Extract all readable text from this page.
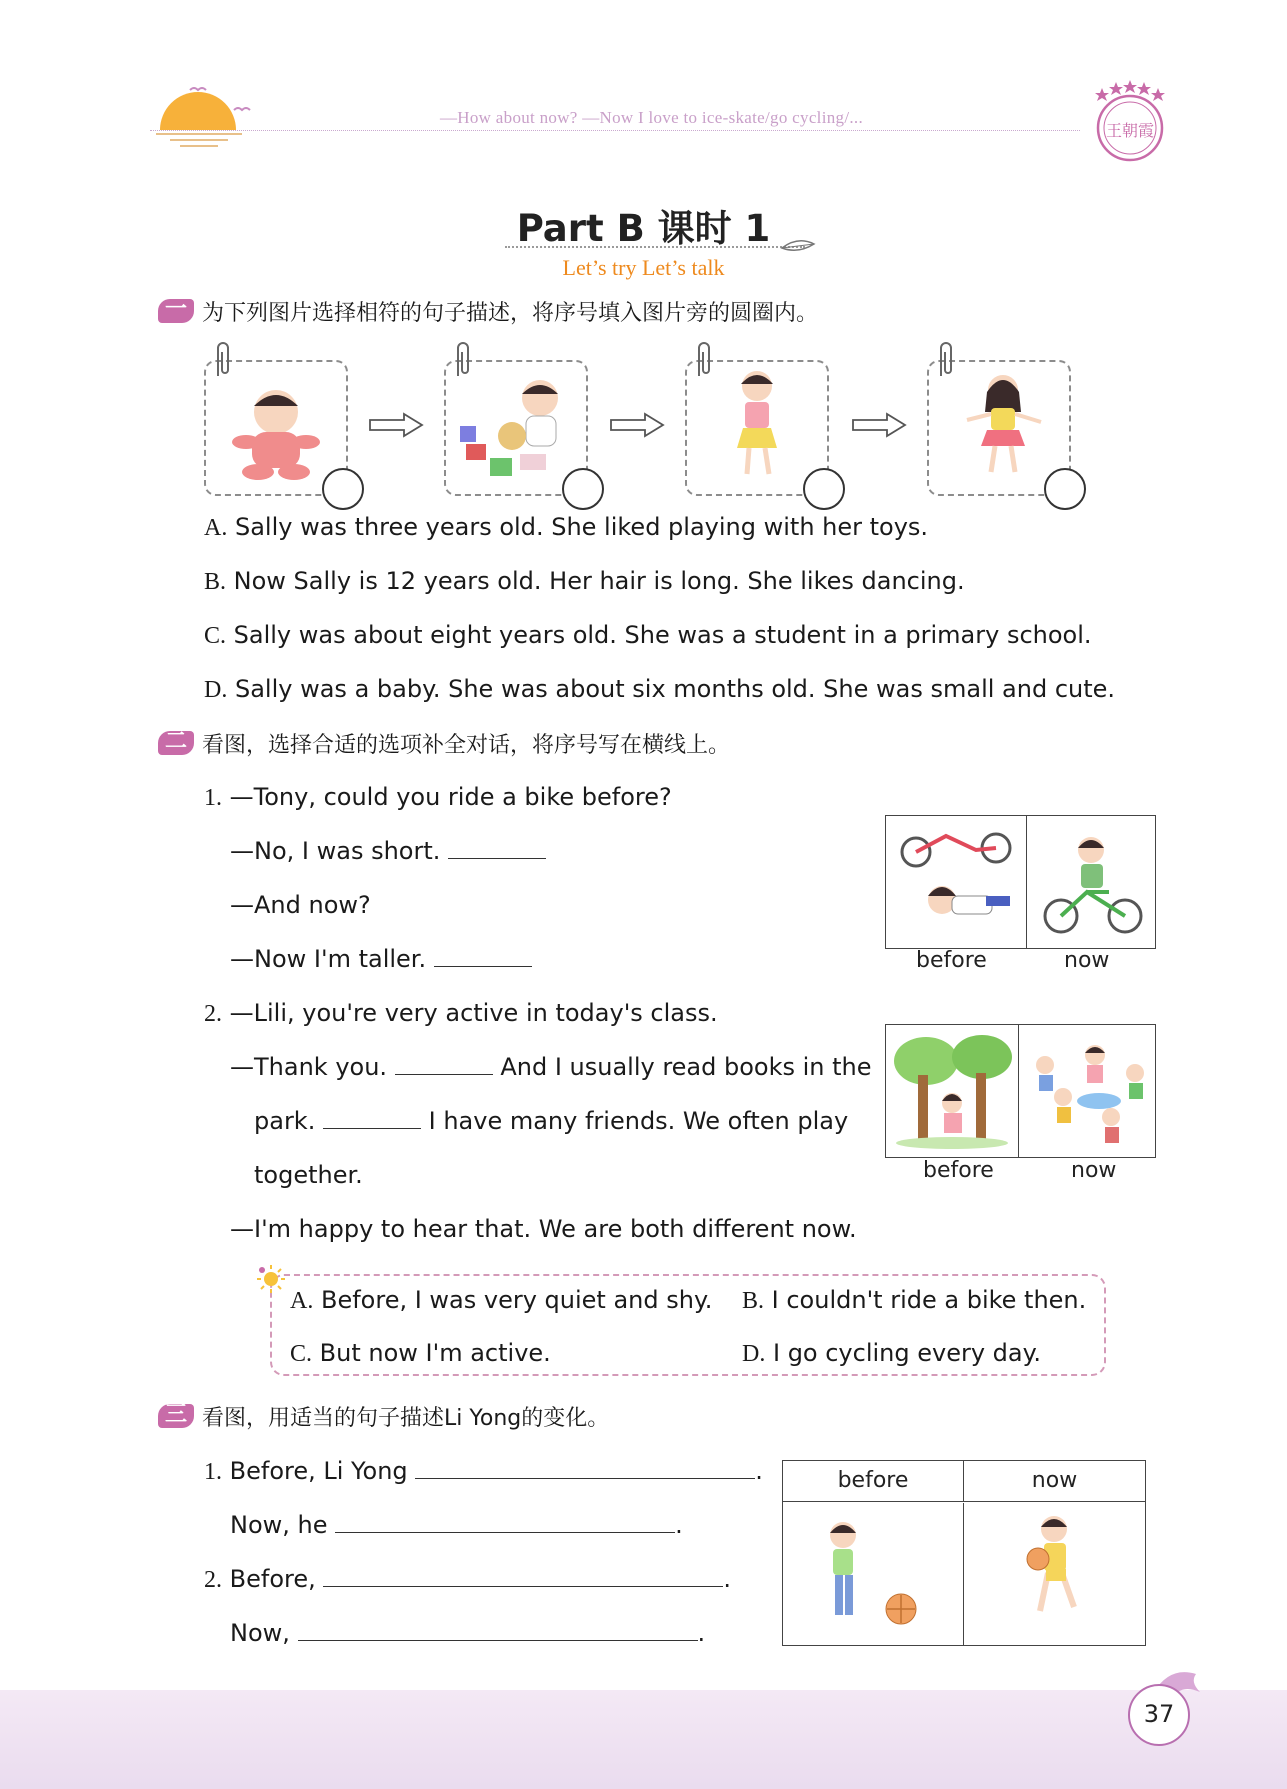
—How about now? —Now I love to ice-skate/go cycling/...
王朝霞
Part B 课时 1
Let’s try Let’s talk
一 为下列图片选择相符的句子描述，将序号填入图片旁的圆圈内。
A. Sally was three years old. She liked playing with her toys.
B. Now Sally is 12 years old. Her hair is long. She likes dancing.
C. Sally was about eight years old. She was a student in a primary school.
D. Sally was a baby. She was about six months old. She was small and cute.
二 看图，选择合适的选项补全对话，将序号写在横线上。
1. —Tony, could you ride a bike before?
—No, I was short.
—And now?
—Now I'm taller.	before	now
2. —Lili, you're very active in today's class.
—Thank you.	And I usually read books in the
park.	I have many friends. We often play
together.
—I'm happy to hear that. We are both different now.
before	now
A. Before, I was very quiet and shy. B. I couldn't ride a bike then.
C. But now I'm active.	D. I go cycling every day.
三 看图，用适当的句子描述Li Yong的变化。
1. Before, Li Yong	.
Now, he	.
2. Before,	.
Now,	.
before	now
37
